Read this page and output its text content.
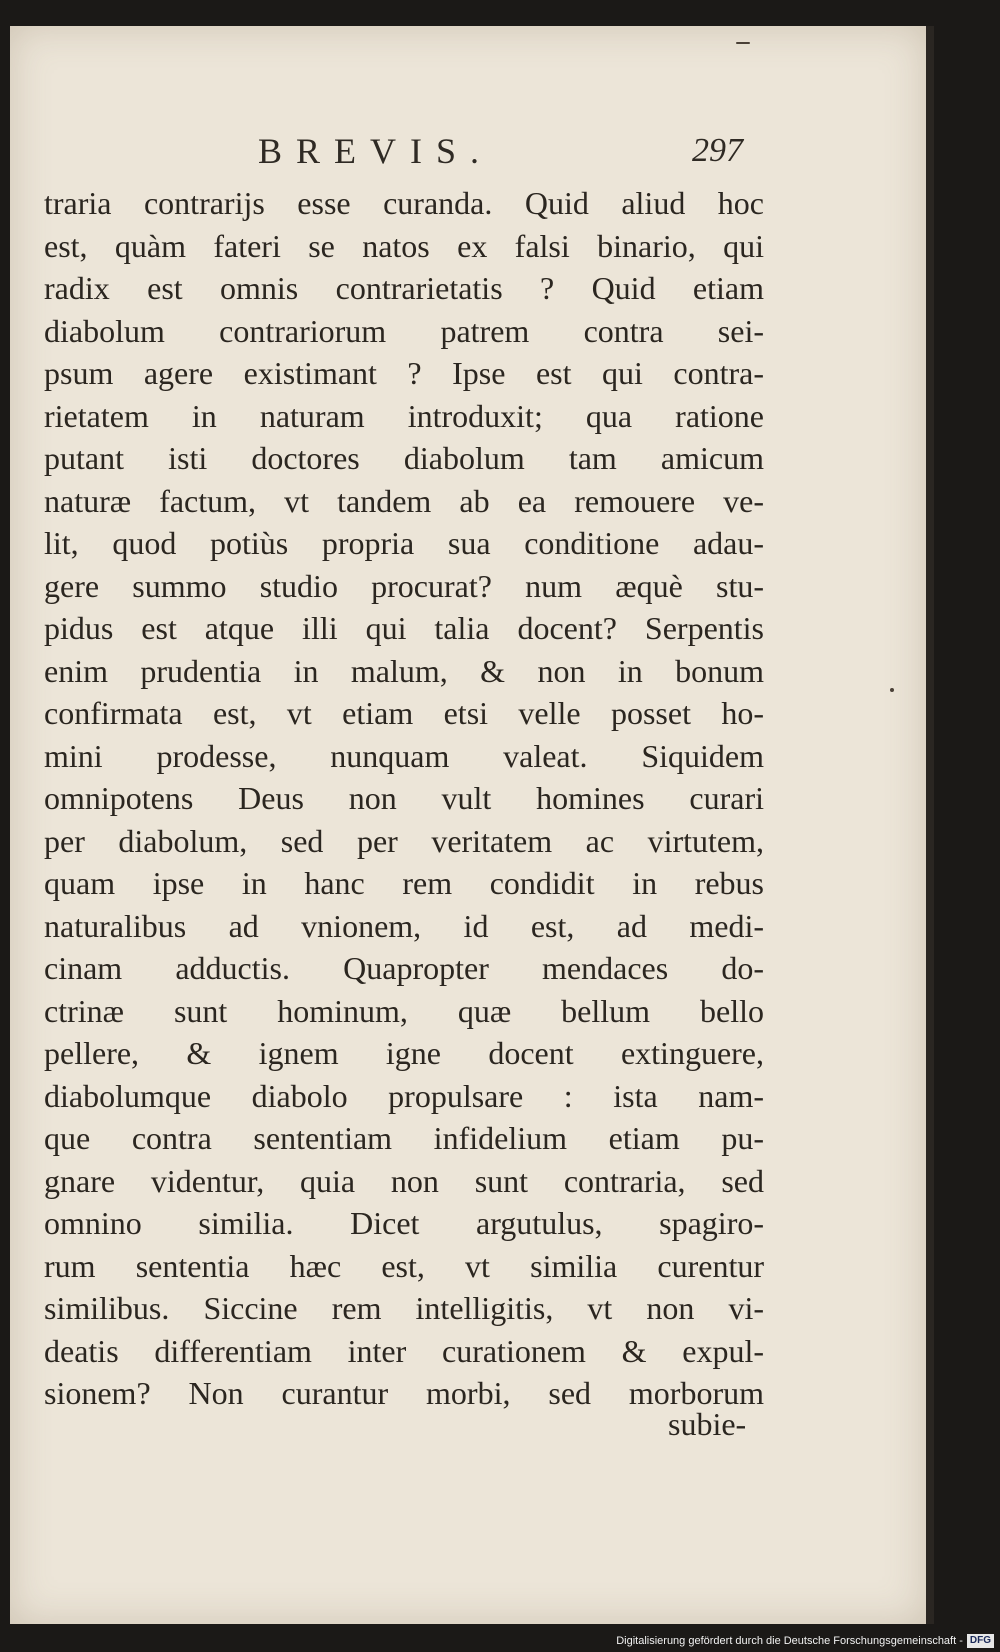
BREVIS.	297
traria contrarijs esse curanda. Quid aliud hoc
est, quàm fateri se natos ex falsi binario, qui
radix est omnis contrarietatis ? Quid etiam
diabolum contrariorum patrem contra sei-
psum agere existimant ? Ipse est qui contra-
rietatem in naturam introduxit; qua ratione
putant isti doctores diabolum tam amicum
naturæ factum, vt tandem ab ea remouere ve-
lit, quod potiùs propria sua conditione adau-
gere summo studio procurat? num æquè stu-
pidus est atque illi qui talia docent? Serpentis
enim prudentia in malum, & non in bonum
confirmata est, vt etiam etsi velle posset ho-
mini prodesse, nunquam valeat. Siquidem
omnipotens Deus non vult homines curari
per diabolum, sed per veritatem ac virtutem,
quam ipse in hanc rem condidit in rebus
naturalibus ad vnionem, id est, ad medi-
cinam adductis. Quapropter mendaces do-
ctrinæ sunt hominum, quæ bellum bello
pellere, & ignem igne docent extinguere,
diabolumque diabolo propulsare : ista nam-
que contra sententiam infidelium etiam pu-
gnare videntur, quia non sunt contraria, sed
omnino similia. Dicet argutulus, spagiro-
rum sententia hæc est, vt similia curentur
similibus. Siccine rem intelligitis, vt non vi-
deatis differentiam inter curationem & expul-
sionem? Non curantur morbi, sed morborum
subie-
Digitalisierung gefördert durch die Deutsche Forschungsgemeinschaft - DFG
